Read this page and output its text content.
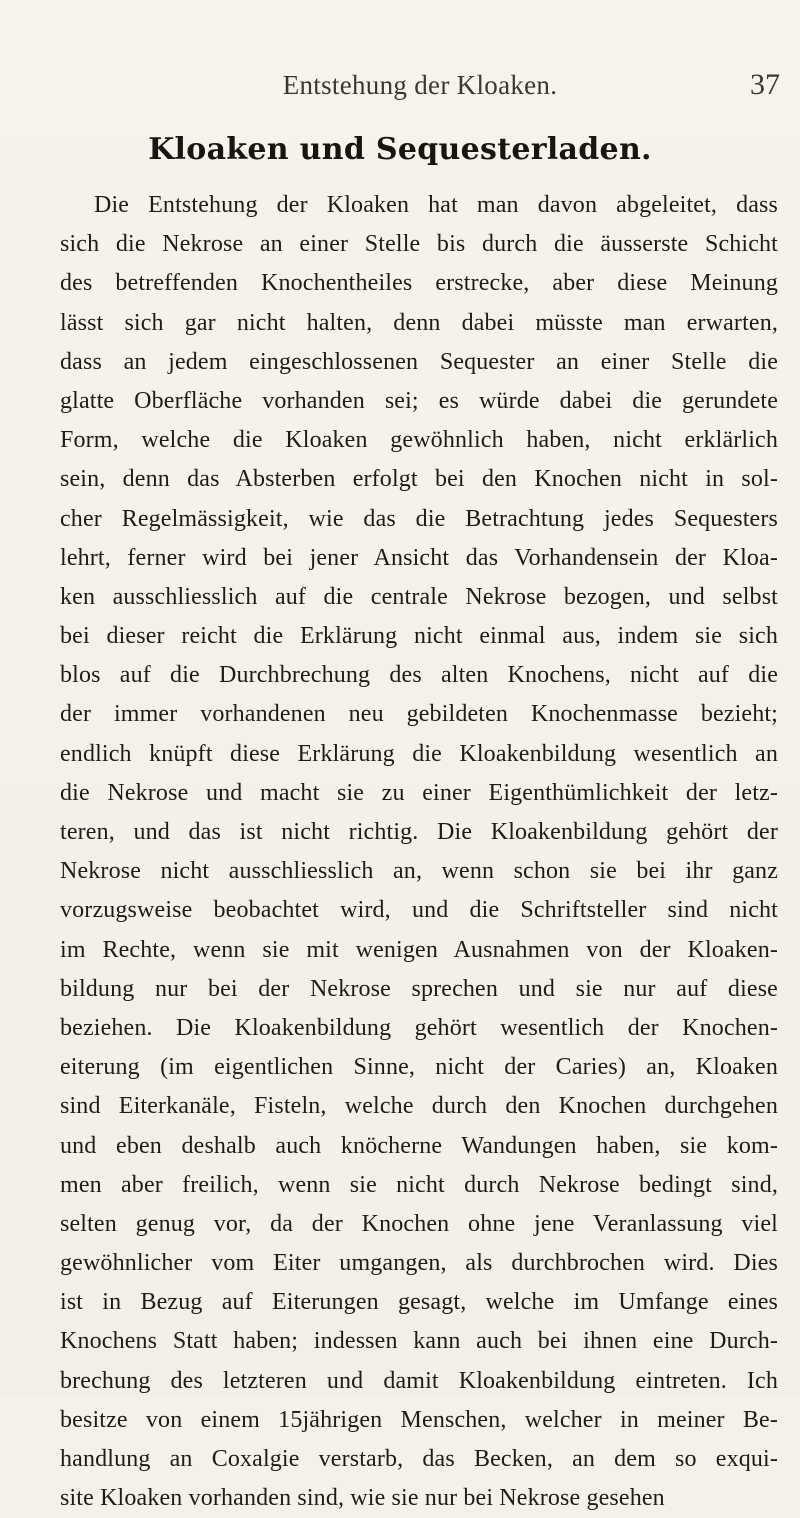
Entstehung der Kloaken.	37
Kloaken und Sequesterladen.
Die Entstehung der Kloaken hat man davon abgeleitet, dass
sich die Nekrose an einer Stelle bis durch die äusserste Schicht
des betreffenden Knochentheiles erstrecke, aber diese Meinung
lässt sich gar nicht halten, denn dabei müsste man erwarten,
dass an jedem eingeschlossenen Sequester an einer Stelle die
glatte Oberfläche vorhanden sei; es würde dabei die gerundete
Form, welche die Kloaken gewöhnlich haben, nicht erklärlich
sein, denn das Absterben erfolgt bei den Knochen nicht in sol-
cher Regelmässigkeit, wie das die Betrachtung jedes Sequesters
lehrt, ferner wird bei jener Ansicht das Vorhandensein der Kloa-
ken ausschliesslich auf die centrale Nekrose bezogen, und selbst
bei dieser reicht die Erklärung nicht einmal aus, indem sie sich
blos auf die Durchbrechung des alten Knochens, nicht auf die
der immer vorhandenen neu gebildeten Knochenmasse bezieht;
endlich knüpft diese Erklärung die Kloakenbildung wesentlich an
die Nekrose und macht sie zu einer Eigenthümlichkeit der letz-
teren, und das ist nicht richtig. Die Kloakenbildung gehört der
Nekrose nicht ausschliesslich an, wenn schon sie bei ihr ganz
vorzugsweise beobachtet wird, und die Schriftsteller sind nicht
im Rechte, wenn sie mit wenigen Ausnahmen von der Kloaken-
bildung nur bei der Nekrose sprechen und sie nur auf diese
beziehen. Die Kloakenbildung gehört wesentlich der Knochen-
eiterung (im eigentlichen Sinne, nicht der Caries) an, Kloaken
sind Eiterkanäle, Fisteln, welche durch den Knochen durchgehen
und eben deshalb auch knöcherne Wandungen haben, sie kom-
men aber freilich, wenn sie nicht durch Nekrose bedingt sind,
selten genug vor, da der Knochen ohne jene Veranlassung viel
gewöhnlicher vom Eiter umgangen, als durchbrochen wird. Dies
ist in Bezug auf Eiterungen gesagt, welche im Umfange eines
Knochens Statt haben; indessen kann auch bei ihnen eine Durch-
brechung des letzteren und damit Kloakenbildung eintreten. Ich
besitze von einem 15jährigen Menschen, welcher in meiner Be-
handlung an Coxalgie verstarb, das Becken, an dem so exqui-
site Kloaken vorhanden sind, wie sie nur bei Nekrose gesehen
